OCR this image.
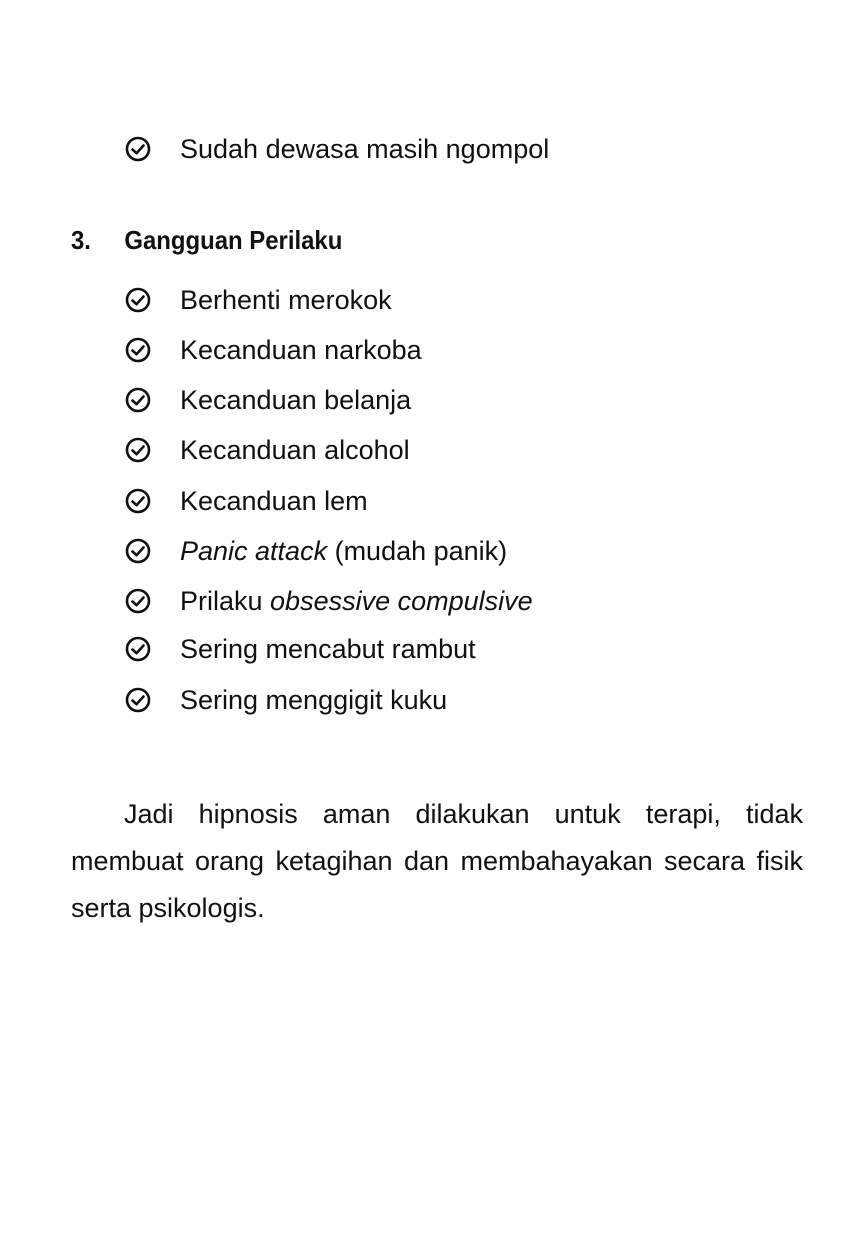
Sudah dewasa masih ngompol
3.	Gangguan Perilaku
Berhenti merokok
Kecanduan narkoba
Kecanduan belanja
Kecanduan alcohol
Kecanduan lem
Panic attack (mudah panik)
Prilaku obsessive compulsive
Sering mencabut rambut
Sering menggigit kuku

Jadi hipnosis aman dilakukan untuk terapi, tidak membuat orang ketagihan dan membahayakan secara fisik serta psikologis.
